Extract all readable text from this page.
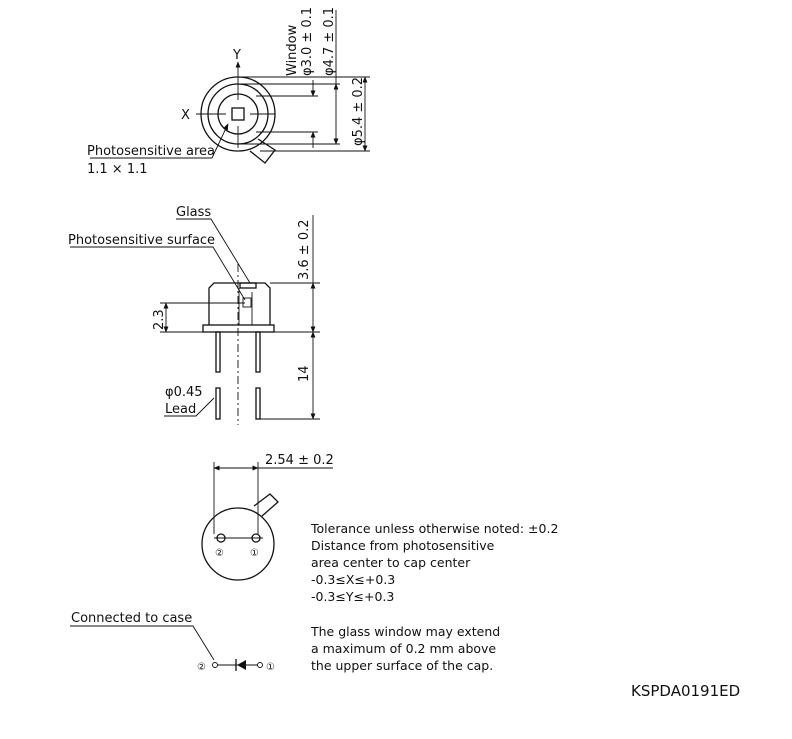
Y
X
Window φ3.0 ± 0.1 φ4.7 ± 0.1
φ5.4 ± 0.2
Photosensitive area
1.1 × 1.1
3.6 ± 0.2
14
2.3
Glass
Photosensitive surface
φ0.45
Lead
②	①
2.54 ± 0.2
Tolerance unless otherwise noted: ±0.2
Distance from photosensitive
area center to cap center
-0.3≤X≤+0.3
-0.3≤Y≤+0.3
The glass window may extend
a maximum of 0.2 mm above
the upper surface of the cap.
Connected to case
②	①
KSPDA0191ED
